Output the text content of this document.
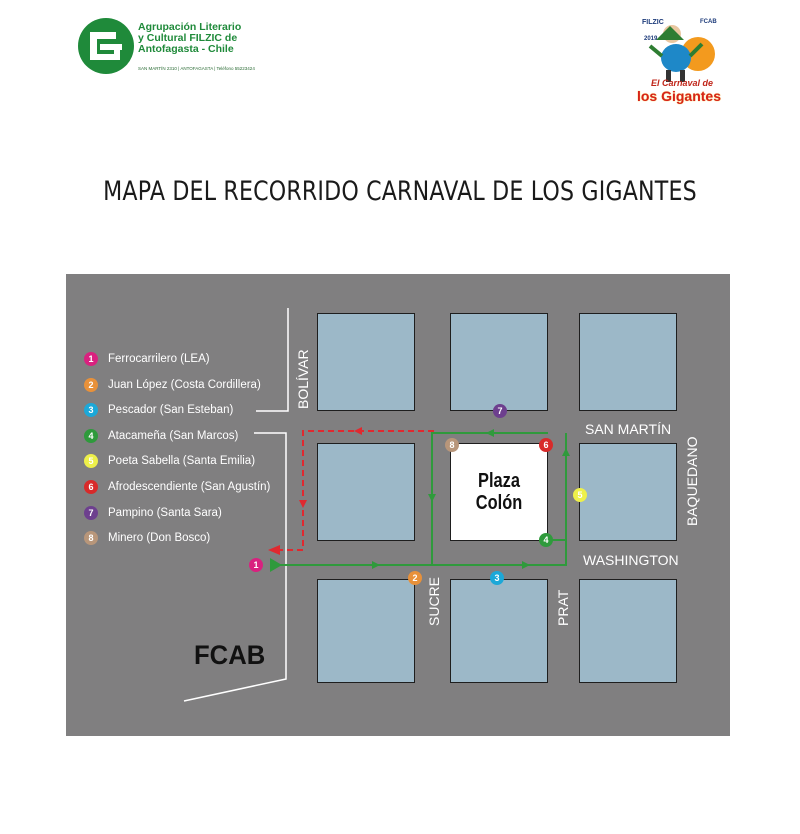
Agrupación Literario
y Cultural FILZIC de
Antofagasta - Chile
SAN MARTÍN 2310 | ANTOFAGASTA | Teléfono 55223424
FILZIC
2019
FCAB
El Carnaval de
los Gigantes
MAPA DEL RECORRIDO CARNAVAL DE LOS GIGANTES
Plaza
Colón
BOLÍVAR
SAN MARTÍN
BAQUEDANO
WASHINGTON
SUCRE	PRAT
FCAB
1
2	3
4
5
6
7
8
1	Ferrocarrilero (LEA)
2	Juan López (Costa Cordillera)
3	Pescador (San Esteban)
4	Atacameña (San Marcos)
5	Poeta Sabella (Santa Emilia)
6	Afrodescendiente (San Agustín)
7	Pampino (Santa Sara)
8	Minero (Don Bosco)
